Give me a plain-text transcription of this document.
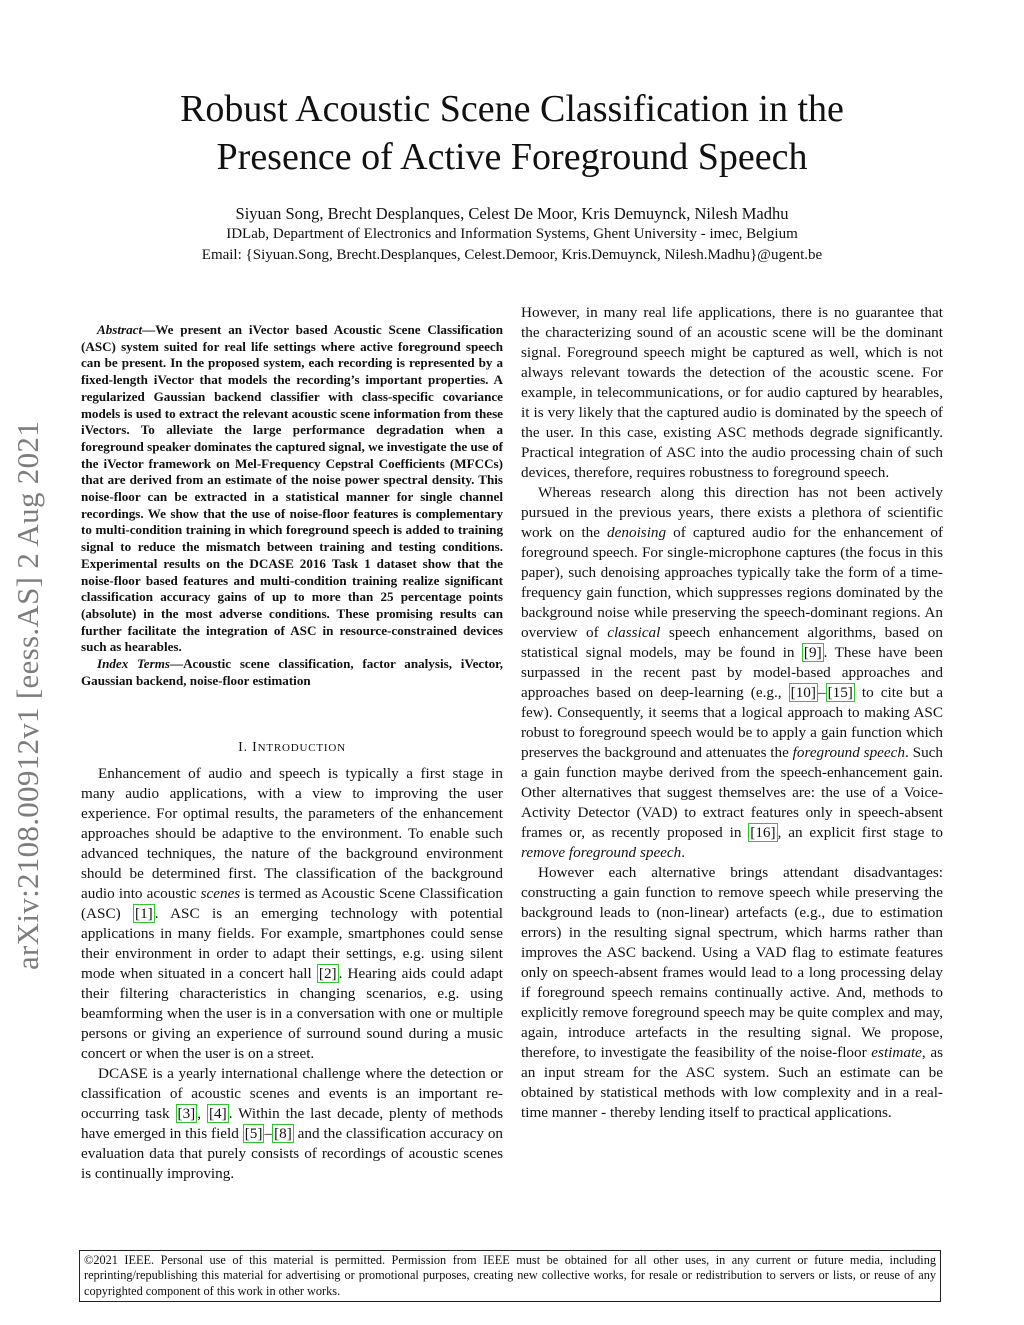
arXiv:2108.00912v1 [eess.AS] 2 Aug 2021
Robust Acoustic Scene Classification in the
Presence of Active Foreground Speech
Siyuan Song, Brecht Desplanques, Celest De Moor, Kris Demuynck, Nilesh Madhu
IDLab, Department of Electronics and Information Systems, Ghent University - imec, Belgium
Email: {Siyuan.Song, Brecht.Desplanques, Celest.Demoor, Kris.Demuynck, Nilesh.Madhu}@ugent.be

Abstract—We present an iVector based Acoustic Scene Classification (ASC) system suited for real life settings where active foreground speech can be present. In the proposed system, each recording is represented by a fixed-length iVector that models the recording’s important properties. A regularized Gaussian backend classifier with class-specific covariance models is used to extract the relevant acoustic scene information from these iVectors. To alleviate the large performance degradation when a foreground speaker dominates the captured signal, we investigate the use of the iVector framework on Mel-Frequency Cepstral Coefficients (MFCCs) that are derived from an estimate of the noise power spectral density. This noise-floor can be extracted in a statistical manner for single channel recordings. We show that the use of noise-floor features is complementary to multi-condition training in which foreground speech is added to training signal to reduce the mismatch between training and testing conditions. Experimental results on the DCASE 2016 Task 1 dataset show that the noise-floor based features and multi-condition training realize significant classification accuracy gains of up to more than 25 percentage points (absolute) in the most adverse conditions. These promising results can further facilitate the integration of ASC in resource-constrained devices such as hearables.

Index Terms—Acoustic scene classification, factor analysis, iVector, Gaussian backend, noise-floor estimation

I. INTRODUCTION

Enhancement of audio and speech is typically a first stage in many audio applications, with a view to improving the user experience. For optimal results, the parameters of the enhancement approaches should be adaptive to the environment. To enable such advanced techniques, the nature of the background environment should be determined first. The classification of the background audio into acoustic scenes is termed as Acoustic Scene Classification (ASC) [1] . ASC is an emerging technology with potential applications in many fields. For example, smartphones could sense their environment in order to adapt their settings, e.g. using silent mode when situated in a concert hall [2] . Hearing aids could adapt their filtering characteristics in changing scenarios, e.g. using beamforming when the user is in a conversation with one or multiple persons or giving an experience of surround sound during a music concert or when the user is on a street.

DCASE is a yearly international challenge where the detection or classification of acoustic scenes and events is an important re-occurring task [3] , [4] . Within the last decade, plenty of methods have emerged in this field [5] – [8] and the classification accuracy on evaluation data that purely consists of recordings of acoustic scenes is continually improving.

However, in many real life applications, there is no guarantee that the characterizing sound of an acoustic scene will be the dominant signal. Foreground speech might be captured as well, which is not always relevant towards the detection of the acoustic scene. For example, in telecommunications, or for audio captured by hearables, it is very likely that the captured audio is dominated by the speech of the user. In this case, existing ASC methods degrade significantly. Practical integration of ASC into the audio processing chain of such devices, therefore, requires robustness to foreground speech.

Whereas research along this direction has not been actively pursued in the previous years, there exists a plethora of scientific work on the denoising of captured audio for the enhancement of foreground speech. For single-microphone captures (the focus in this paper), such denoising approaches typically take the form of a time-frequency gain function, which suppresses regions dominated by the background noise while preserving the speech-dominant regions. An overview of classical speech enhancement algorithms, based on statistical signal models, may be found in [9] . These have been surpassed in the recent past by model-based approaches and approaches based on deep-learning (e.g., [10] – [15] to cite but a few). Consequently, it seems that a logical approach to making ASC robust to foreground speech would be to apply a gain function which preserves the background and attenuates the foreground speech. Such a gain function maybe derived from the speech-enhancement gain. Other alternatives that suggest themselves are: the use of a Voice-Activity Detector (VAD) to extract features only in speech-absent frames or, as recently proposed in [16] , an explicit first stage to remove foreground speech.

However each alternative brings attendant disadvantages: constructing a gain function to remove speech while preserving the background leads to (non-linear) artefacts (e.g., due to estimation errors) in the resulting signal spectrum, which harms rather than improves the ASC backend. Using a VAD flag to estimate features only on speech-absent frames would lead to a long processing delay if foreground speech remains continually active. And, methods to explicitly remove foreground speech may be quite complex and may, again, introduce artefacts in the resulting signal. We propose, therefore, to investigate the feasibility of the noise-floor estimate, as an input stream for the ASC system. Such an estimate can be obtained by statistical methods with low complexity and in a real-time manner - thereby lending itself to practical applications.

©2021 IEEE. Personal use of this material is permitted. Permission from IEEE must be obtained for all other uses, in any current or future media, including reprinting/republishing this material for advertising or promotional purposes, creating new collective works, for resale or redistribution to servers or lists, or reuse of any copyrighted component of this work in other works.
